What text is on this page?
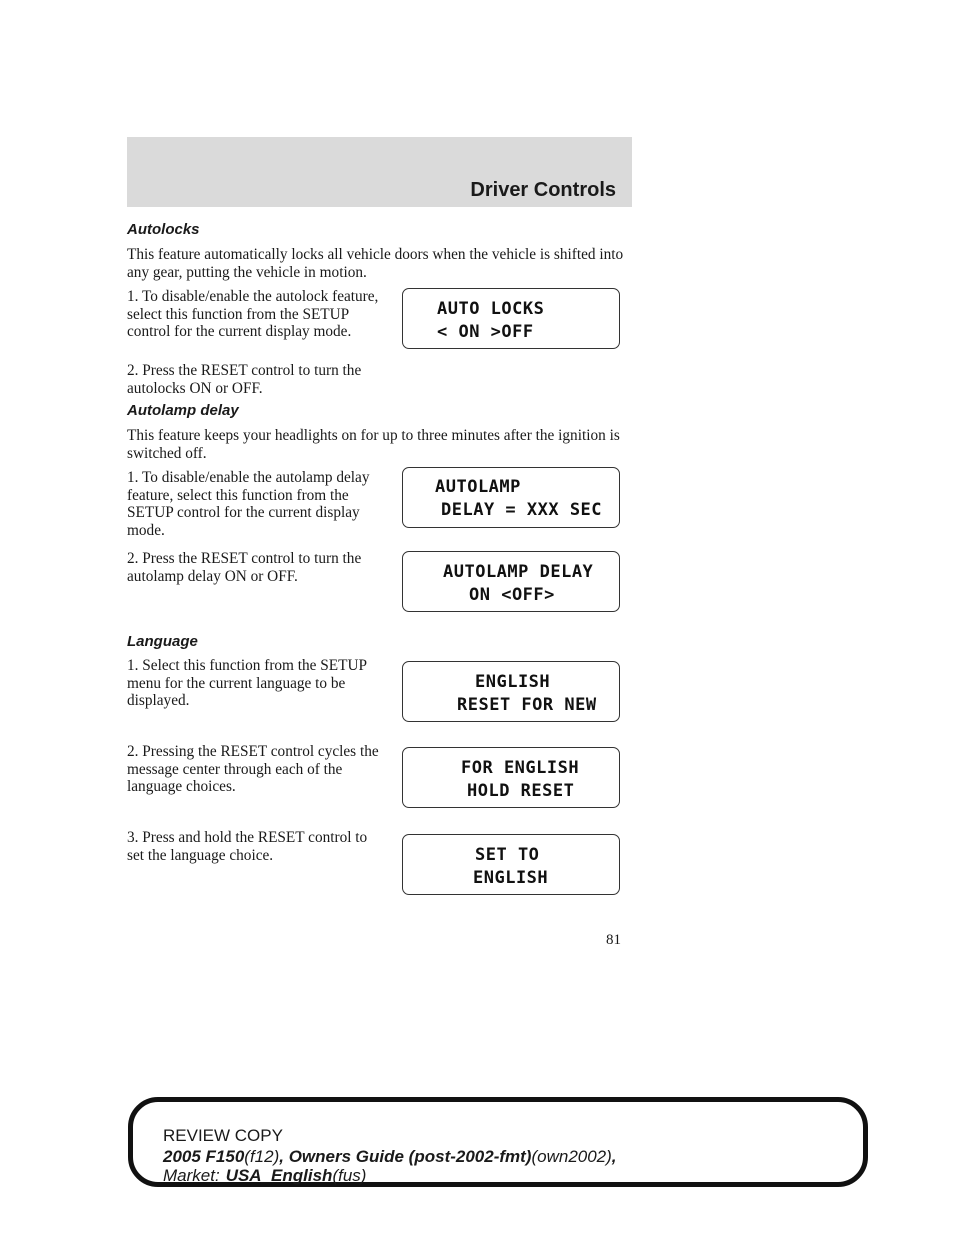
Driver Controls
Autolocks

This feature automatically locks all vehicle doors when the vehicle is shifted into any gear, putting the vehicle in motion.

1. To disable/enable the autolock feature, select this function from the SETUP control for the current display mode.

2. Press the RESET control to turn the autolocks ON or OFF.

AUTO LOCKS
< ON >OFF
Autolamp delay

This feature keeps your headlights on for up to three minutes after the ignition is switched off.

1. To disable/enable the autolamp delay feature, select this function from the SETUP control for the current display mode.

2. Press the RESET control to turn the autolamp delay ON or OFF.

AUTOLAMP
DELAY = XXX SEC
AUTOLAMP DELAY
ON <OFF>
Language

1. Select this function from the SETUP menu for the current language to be displayed.

2. Pressing the RESET control cycles the message center through each of the language choices.

3. Press and hold the RESET control to set the language choice.

ENGLISH
RESET FOR NEW
FOR ENGLISH
HOLD RESET
SET TO
ENGLISH
81
REVIEW COPY
2005 F150(f12), Owners Guide (post-2002-fmt)(own2002),
Market: USA_English(fus)
